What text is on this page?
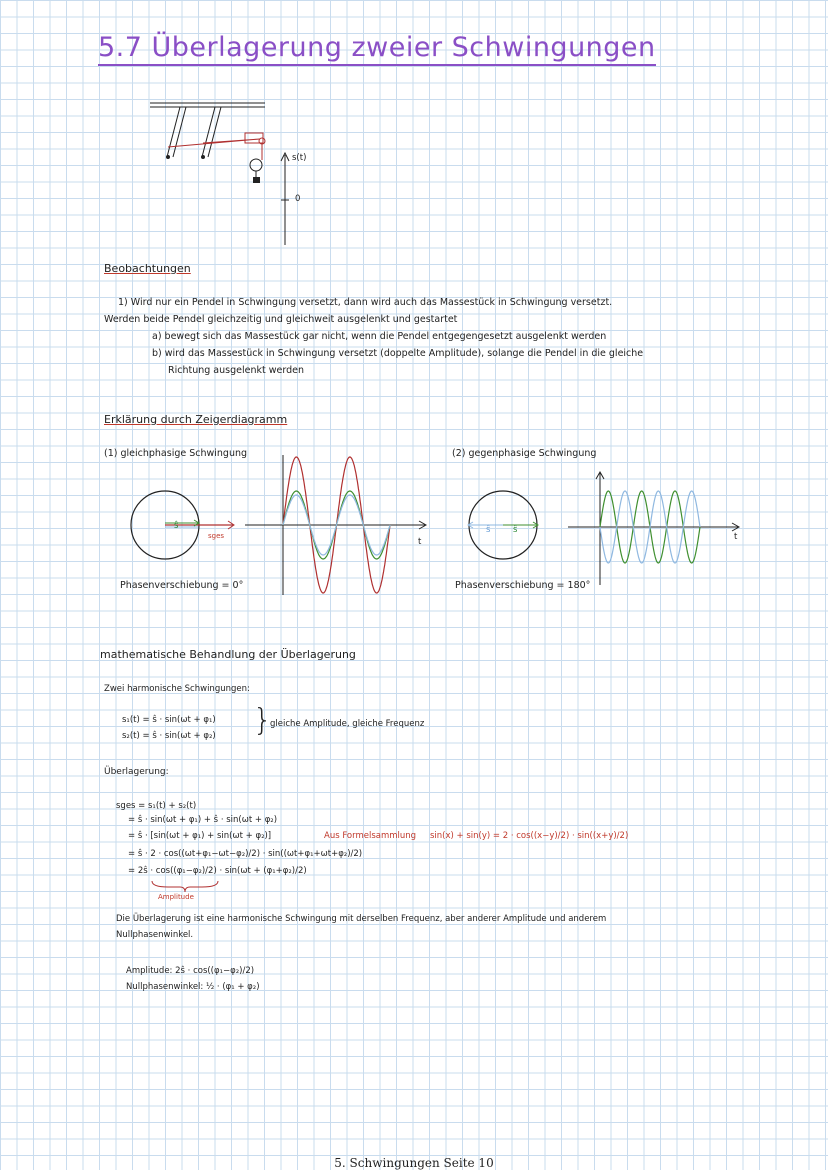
5.7 Überlagerung zweier Schwingungen
s(t)
0
Beobachtungen
1) Wird nur ein Pendel in Schwingung versetzt, dann wird auch das Massestück in Schwingung versetzt.
Werden beide Pendel gleichzeitig und gleichweit ausgelenkt und gestartet
a) bewegt sich das Massestück gar nicht, wenn die Pendel entgegengesetzt ausgelenkt werden
b) wird das Massestück in Schwingung versetzt (doppelte Amplitude), solange die Pendel in die gleiche
Richtung ausgelenkt werden
Erklärung durch Zeigerdiagramm
(1) gleichphasige Schwingung	(2) gegenphasige Schwingung
ŝ
sges
t
ŝ	ŝ
t
Phasenverschiebung = 0°	Phasenverschiebung = 180°
mathematische Behandlung der Überlagerung
Zwei harmonische Schwingungen:
s₁(t) = ŝ · sin(ωt + φ₁)
s₂(t) = ŝ · sin(ωt + φ₂) }
gleiche Amplitude, gleiche Frequenz
Überlagerung:
sges = s₁(t) + s₂(t)
= ŝ · sin(ωt + φ₁) + ŝ · sin(ωt + φ₂)
= ŝ · [sin(ωt + φ₁) + sin(ωt + φ₂)]	Aus Formelsammlung sin(x) + sin(y) = 2 · cos((x−y)/2) · sin((x+y)/2)
= ŝ · 2 · cos((ωt+φ₁−ωt−φ₂)/2) · sin((ωt+φ₁+ωt+φ₂)/2)
= 2ŝ · cos((φ₁−φ₂)/2) · sin(ωt + (φ₁+φ₂)/2)
Amplitude
Die Überlagerung ist eine harmonische Schwingung mit derselben Frequenz, aber anderer Amplitude und anderem
Nullphasenwinkel.
Amplitude: 2ŝ · cos((φ₁−φ₂)/2)
Nullphasenwinkel: ½ · (φ₁ + φ₂)
5. Schwingungen Seite 10
